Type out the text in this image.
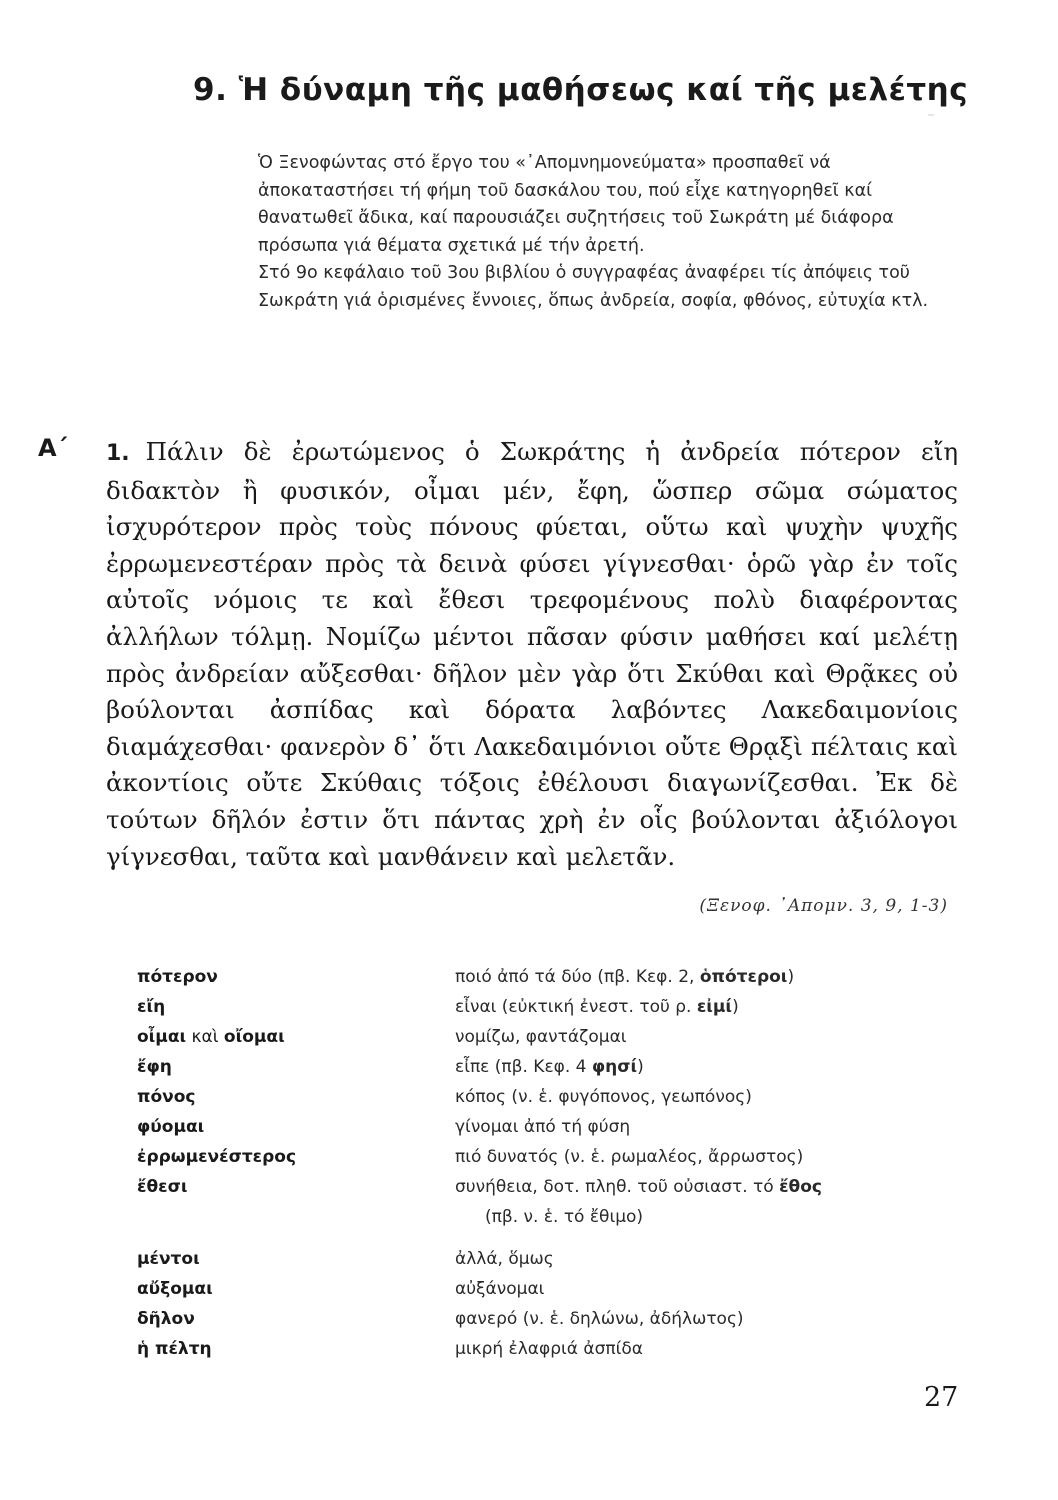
9. Ἡ δύναμη τῆς μαθήσεως καί τῆς μελέτης

Ὁ Ξενοφώντας στό ἔργο του «᾿Απομνημονεύματα» προσπαθεῖ νά ἀποκαταστήσει τή φήμη τοῦ δασκάλου του, πού εἶχε κατηγορηθεῖ καί θανατωθεῖ ἄδικα, καί παρουσιάζει συζητήσεις τοῦ Σωκράτη μέ διάφορα πρόσωπα γιά θέματα σχετικά μέ τήν ἀρετή.

Στό 9ο κεφάλαιο τοῦ 3ου βιβλίου ὁ συγγραφέας ἀναφέρει τίς ἀπόψεις τοῦ Σωκράτη γιά ὁρισμένες ἔννοιες, ὅπως ἀνδρεία, σοφία, φθόνος, εὐτυχία κτλ.

Α΄ 1. Πάλιν δὲ ἐρωτώμενος ὁ Σωκράτης ἡ ἀνδρεία πότερον εἴη διδακτὸν ἢ φυσικόν, οἶμαι μέν, ἔφη, ὥσπερ σῶμα σώματος ἰσχυρότερον πρὸς τοὺς πόνους φύεται, οὕτω καὶ ψυχὴν ψυχῆς ἐρρωμενεστέραν πρὸς τὰ δεινὰ φύσει γίγνεσθαι· ὁρῶ γὰρ ἐν τοῖς αὐτοῖς νόμοις τε καὶ ἔθεσι τρεφομένους πολὺ διαφέροντας ἀλλήλων τόλμῃ. Νομίζω μέντοι πᾶσαν φύσιν μαθήσει καί μελέτῃ πρὸς ἀνδρείαν αὔξεσθαι· δῆλον μὲν γὰρ ὅτι Σκύθαι καὶ Θρᾷκες οὐ βούλονται ἀσπίδας καὶ δόρατα λαβόντες Λακεδαιμονίοις διαμάχεσθαι· φανερὸν δ᾿ ὅτι Λακεδαιμόνιοι οὔτε Θρᾳξὶ πέλταις καὶ ἀκοντίοις οὔτε Σκύθαις τόξοις ἐθέλουσι διαγωνίζεσθαι. Ἐκ δὲ τούτων δῆλόν ἐστιν ὅτι πάντας χρὴ ἐν οἷς βούλονται ἀξιόλογοι γίγνεσθαι, ταῦτα καὶ μανθάνειν καὶ μελετᾶν.
(Ξενοφ. ᾿Απομν. 3, 9, 1-3)
πότερον	ποιό ἀπό τά δύο (πβ. Κεφ. 2, ὁπότεροι)
εἴη	εἶναι (εὐκτική ἐνεστ. τοῦ ρ. εἰμί)
οἶμαι καὶ οἴομαι	νομίζω, φαντάζομαι
ἔφη	εἶπε (πβ. Κεφ. 4 φησί)
πόνος	κόπος (ν. ἑ. φυγόπονος, γεωπόνος)
φύομαι	γίνομαι ἀπό τή φύση
ἐρρωμενέστερος	πιό δυνατός (ν. ἑ. ρωμαλέος, ἄρρωστος)
ἔθεσι	συνήθεια, δοτ. πληθ. τοῦ οὐσιαστ. τό ἔθος
(πβ. ν. ἑ. τό ἔθιμο)
μέντοι	ἀλλά, ὅμως
αὔξομαι	αὐξάνομαι
δῆλον	φανερό (ν. ἑ. δηλώνω, ἀδήλωτος)
ἡ πέλτη	μικρή ἐλαφριά ἀσπίδα
27
